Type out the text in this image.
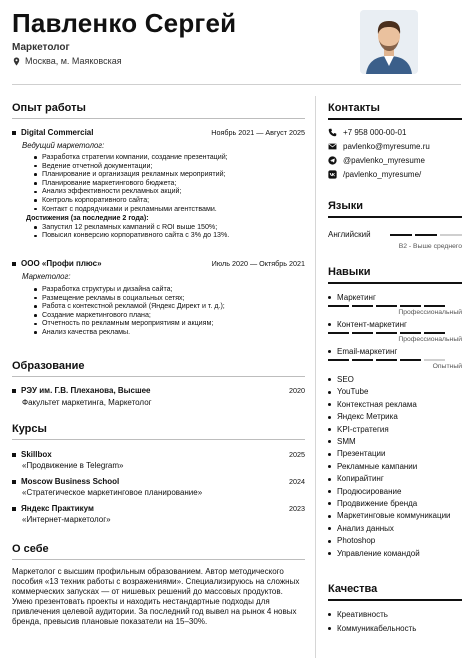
Павленко Сергей
Маркетолог
Москва, м. Маяковская
Опыт работы
Digital Commercial	Ноябрь 2021 — Август 2025
Ведущий маркетолог:
Разработка стратегии компании, создание презентаций;
Ведение отчетной документации;
Планирование и организация рекламных мероприятий;
Планирование маркетингового бюджета;
Анализ эффективности рекламных акций;
Контроль корпоративного сайта;
Контакт с подрядчиками и рекламными агентствами.
Достижения (за последние 2 года):
Запустил 12 рекламных кампаний с ROI выше 150%;
Повысил конверсию корпоративного сайта с 3% до 13%.
ООО «Профи плюс»	Июль 2020 — Октябрь 2021
Маркетолог:
Разработка структуры и дизайна сайта;
Размещение рекламы в социальных сетях;
Работа с контекстной рекламой (Яндекс Директ и т. д.);
Создание маркетингового плана;
Отчетность по рекламным мероприятиям и акциям;
Анализ качества рекламы.
Образование
РЭУ им. Г.В. Плеханова, Высшее	2020
Факультет маркетинга, Маркетолог
Курсы
Skillbox	2025
«Продвижение в Telegram»
Moscow Business School	2024
«Стратегическое маркетинговое планирование»
Яндекс Практикум	2023
«Интернет-маркетолог»
О себе
Маркетолог с высшим профильным образованием. Автор методического пособия «13 техник работы с возражениями». Специализируюсь на сложных коммерческих запусках — от нишевых решений до массовых продуктов. Умею презентовать проекты и находить нестандартные подходы для привлечения целевой аудитории. За последний год вывел на рынок 4 новых бренда, превысив плановые показатели на 15–30%.
Контакты
+7 958 000-00-01
pavlenko@myresume.ru
@pavlenko_myresume
/pavlenko_myresume/
Языки
Английский
B2 - Выше среднего
Навыки
Маркетинг
Профессиональный
Контент-маркетинг
Профессиональный
Email-маркетинг
Опытный
SEO
YouTube
Контекстная реклама
Яндекс Метрика
KPI-стратегия
SMM
Презентации
Рекламные кампании
Копирайтинг
Продюсирование
Продвижение бренда
Маркетинговые коммуникации
Анализ данных
Photoshop
Управление командой
Качества
Креативность
Коммуникабельность
